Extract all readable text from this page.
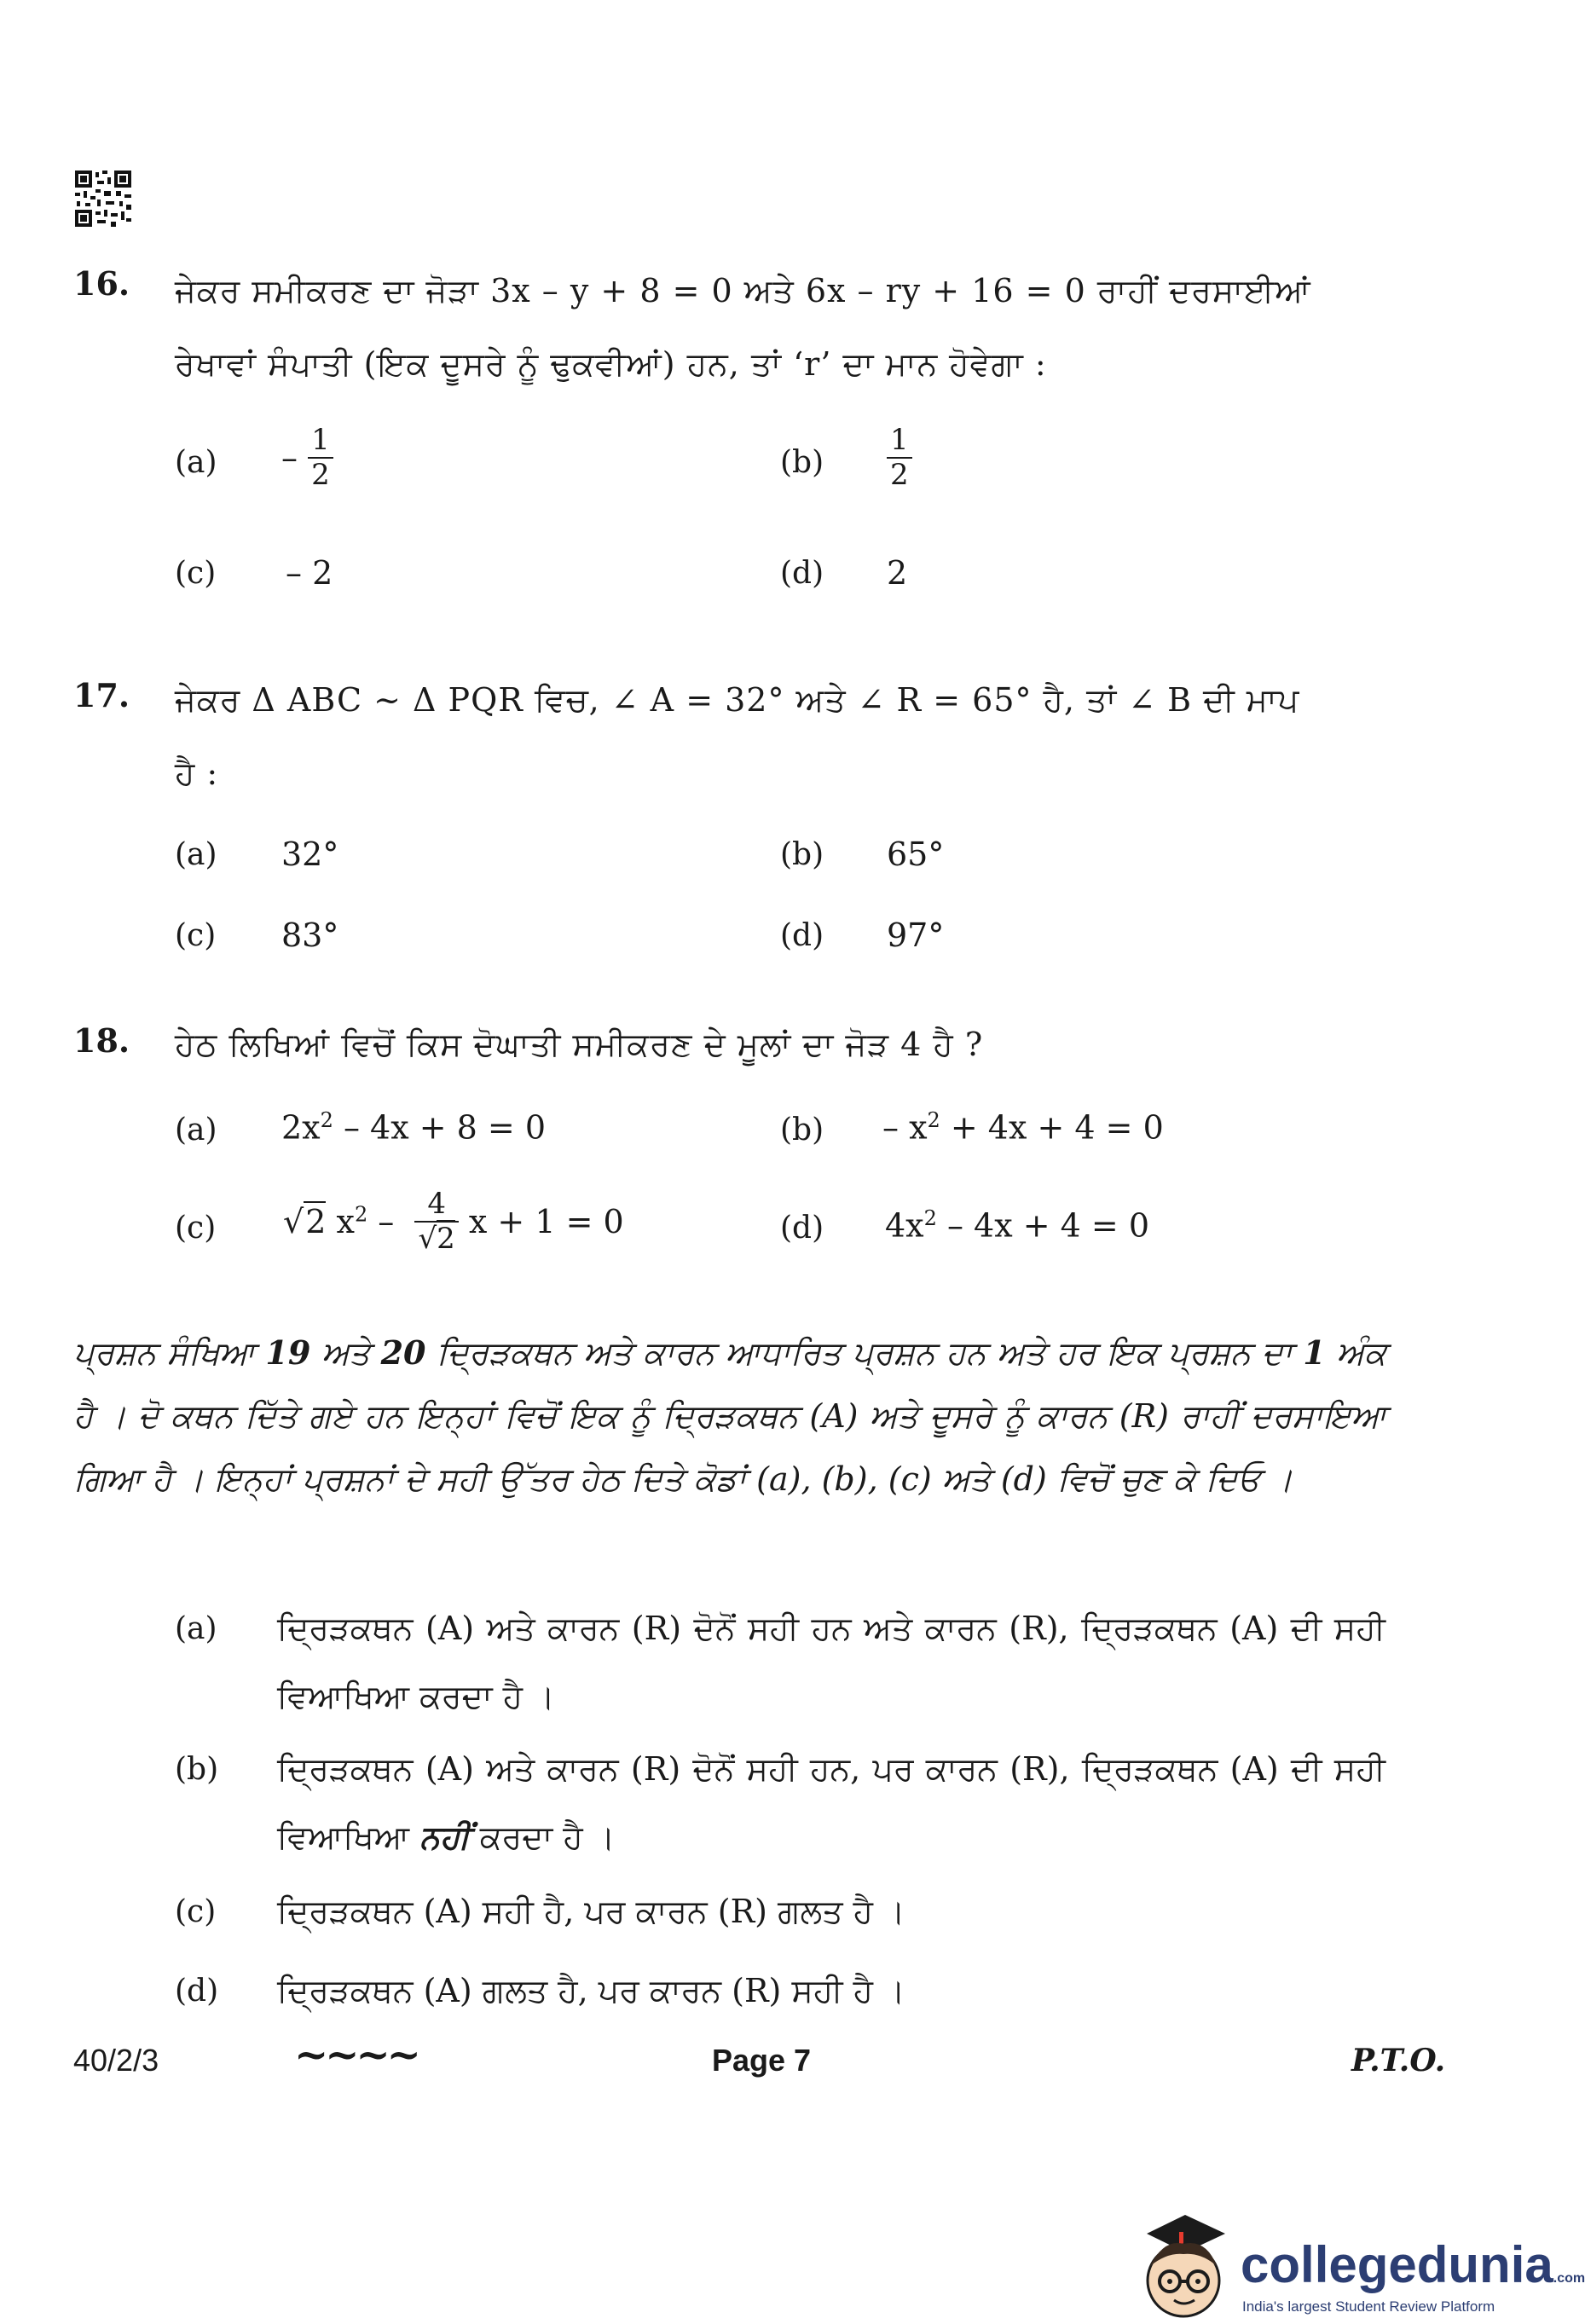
16. ਜੇਕਰ ਸਮੀਕਰਣ ਦਾ ਜੋੜਾ 3x – y + 8 = 0 ਅਤੇ 6x – ry + 16 = 0 ਰਾਹੀਂ ਦਰਸਾਈਆਂ
ਰੇਖਾਵਾਂ ਸੰਪਾਤੀ (ਇਕ ਦੂਸਰੇ ਨੂੰ ਢੁਕਵੀਆਂ) ਹਨ, ਤਾਂ ‘r’ ਦਾ ਮਾਨ ਹੋਵੇਗਾ :
$(a) - \frac{1}{2}$	$(b) \frac{1}{2}$
(c) – 2	(d) 2
17. ਜੇਕਰ Δ ABC ~ Δ PQR ਵਿਚ, ∠ A = 32° ਅਤੇ ∠ R = 65° ਹੈ, ਤਾਂ ∠ B ਦੀ ਮਾਪ
ਹੈ :
(a) 32°	(b) 65°
(c) 83°	(d) 97°
18. ਹੇਠ ਲਿਖਿਆਂ ਵਿਚੋਂ ਕਿਸ ਦੋਘਾਤੀ ਸਮੀਕਰਣ ਦੇ ਮੂਲਾਂ ਦਾ ਜੋੜ 4 ਹੈ ?
(a) $2x^2 - 4x + 8 = 0$	$(b) - x^2 + 4x + 4 = 0$
(c) √2 $x^2 - \frac{4}{√2}$ x + 1 = 0	(d) $4x^2 - 4x + 4 = 0$
ਪ੍ਰਸ਼ਨ ਸੰਖਿਆ 19 ਅਤੇ 20 ਦ੍ਰਿੜਕਥਨ ਅਤੇ ਕਾਰਨ ਆਧਾਰਿਤ ਪ੍ਰਸ਼ਨ ਹਨ ਅਤੇ ਹਰ ਇਕ ਪ੍ਰਸ਼ਨ ਦਾ 1 ਅੰਕ ਹੈ । ਦੋ ਕਥਨ ਦਿੱਤੇ ਗਏ ਹਨ ਇਨ੍ਹਾਂ ਵਿਚੋਂ ਇਕ ਨੂੰ ਦ੍ਰਿੜਕਥਨ (A) ਅਤੇ ਦੂਸਰੇ ਨੂੰ ਕਾਰਨ (R) ਰਾਹੀਂ ਦਰਸਾਇਆ ਗਿਆ ਹੈ । ਇਨ੍ਹਾਂ ਪ੍ਰਸ਼ਨਾਂ ਦੇ ਸਹੀ ਉੱਤਰ ਹੇਠ ਦਿਤੇ ਕੋਡਾਂ (a), (b), (c) ਅਤੇ (d) ਵਿਚੋਂ ਚੁਣ ਕੇ ਦਿਓ ।
(a) ਦ੍ਰਿੜਕਥਨ (A) ਅਤੇ ਕਾਰਨ (R) ਦੋਨੋਂ ਸਹੀ ਹਨ ਅਤੇ ਕਾਰਨ (R), ਦ੍ਰਿੜਕਥਨ (A) ਦੀ ਸਹੀ ਵਿਆਖਿਆ ਕਰਦਾ ਹੈ ।
(b) ਦ੍ਰਿੜਕਥਨ (A) ਅਤੇ ਕਾਰਨ (R) ਦੋਨੋਂ ਸਹੀ ਹਨ, ਪਰ ਕਾਰਨ (R), ਦ੍ਰਿੜਕਥਨ (A) ਦੀ ਸਹੀ ਵਿਆਖਿਆ ਨਹੀਂ ਕਰਦਾ ਹੈ ।
(c) ਦ੍ਰਿੜਕਥਨ (A) ਸਹੀ ਹੈ, ਪਰ ਕਾਰਨ (R) ਗਲਤ ਹੈ ।
(d) ਦ੍ਰਿੜਕਥਨ (A) ਗਲਤ ਹੈ, ਪਰ ਕਾਰਨ (R) ਸਹੀ ਹੈ ।
40/2/3	~~~~	Page 7	P.T.O.
collegedunia.com
India's largest Student Review Platform
